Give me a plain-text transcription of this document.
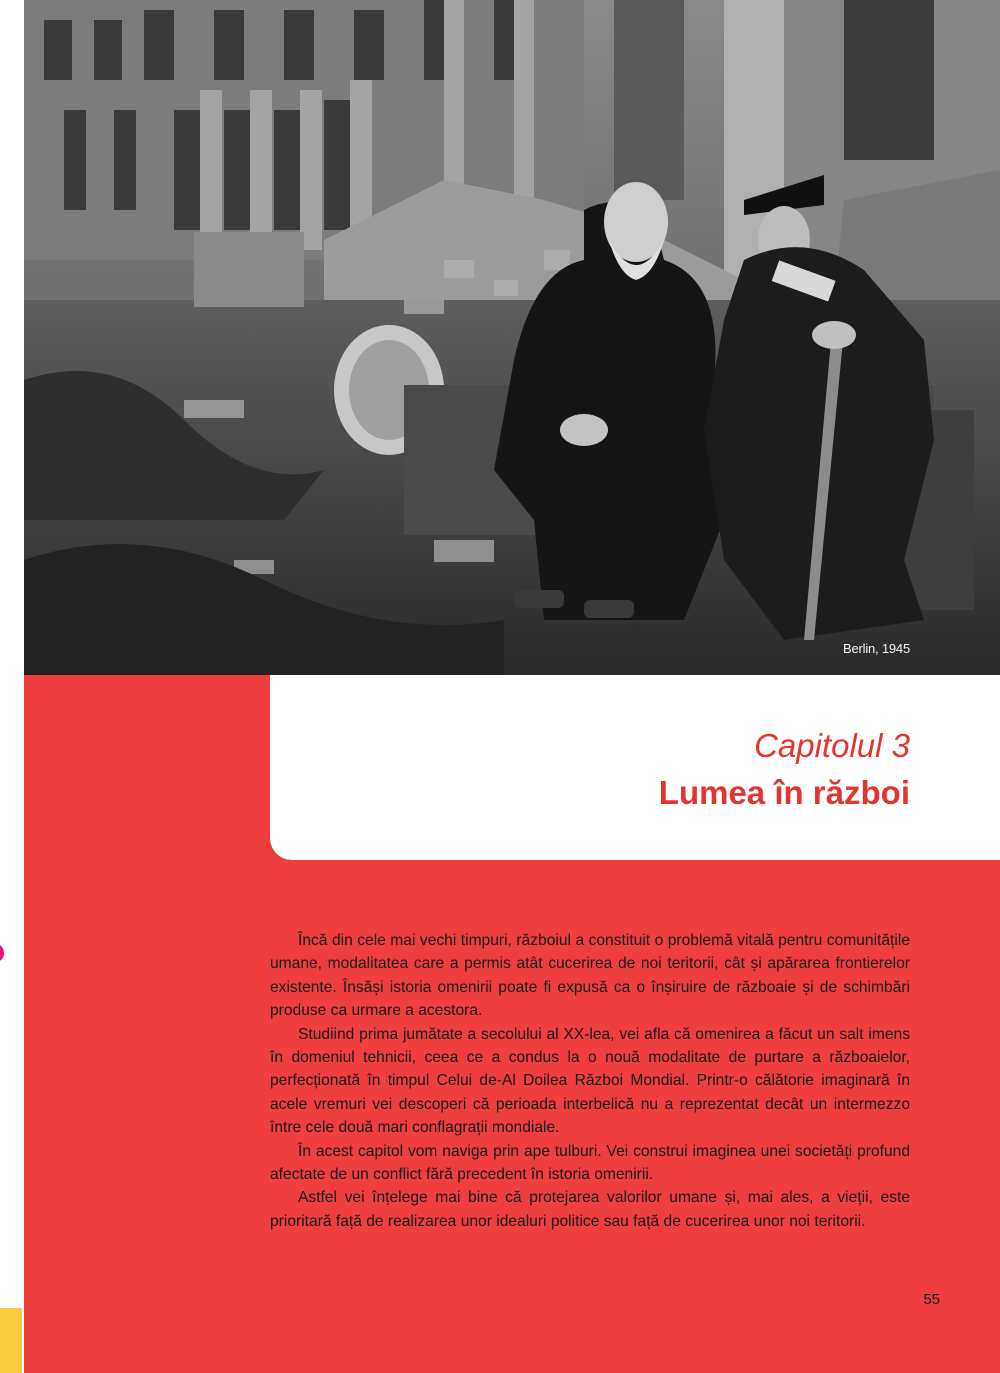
Berlin, 1945
Capitolul 3
Lumea în război

Încă din cele mai vechi timpuri, războiul a constituit o problemă vitală pentru comunitățile umane, modalitatea care a permis atât cucerirea de noi teritorii, cât și apărarea frontierelor existente. Însăși istoria omenirii poate fi expusă ca o înșiruire de războaie și de schimbări produse ca urmare a acestora.

Studiind prima jumătate a secolului al XX-lea, vei afla că omenirea a făcut un salt imens în domeniul tehnicii, ceea ce a condus la o nouă modalitate de purtare a războaielor, perfecționată în timpul Celui de-Al Doilea Război Mondial. Printr-o călătorie imaginară în acele vremuri vei descoperi că perioada interbelică nu a reprezentat decât un intermezzo între cele două mari conflagrații mondiale.

În acest capitol vom naviga prin ape tulburi. Vei construi imaginea unei societăți profund afectate de un conflict fără precedent în istoria omenirii.

Astfel vei înțelege mai bine că protejarea valorilor umane și, mai ales, a vieții, este prioritară față de realizarea unor idealuri politice sau față de cucerirea unor noi teritorii.

55
